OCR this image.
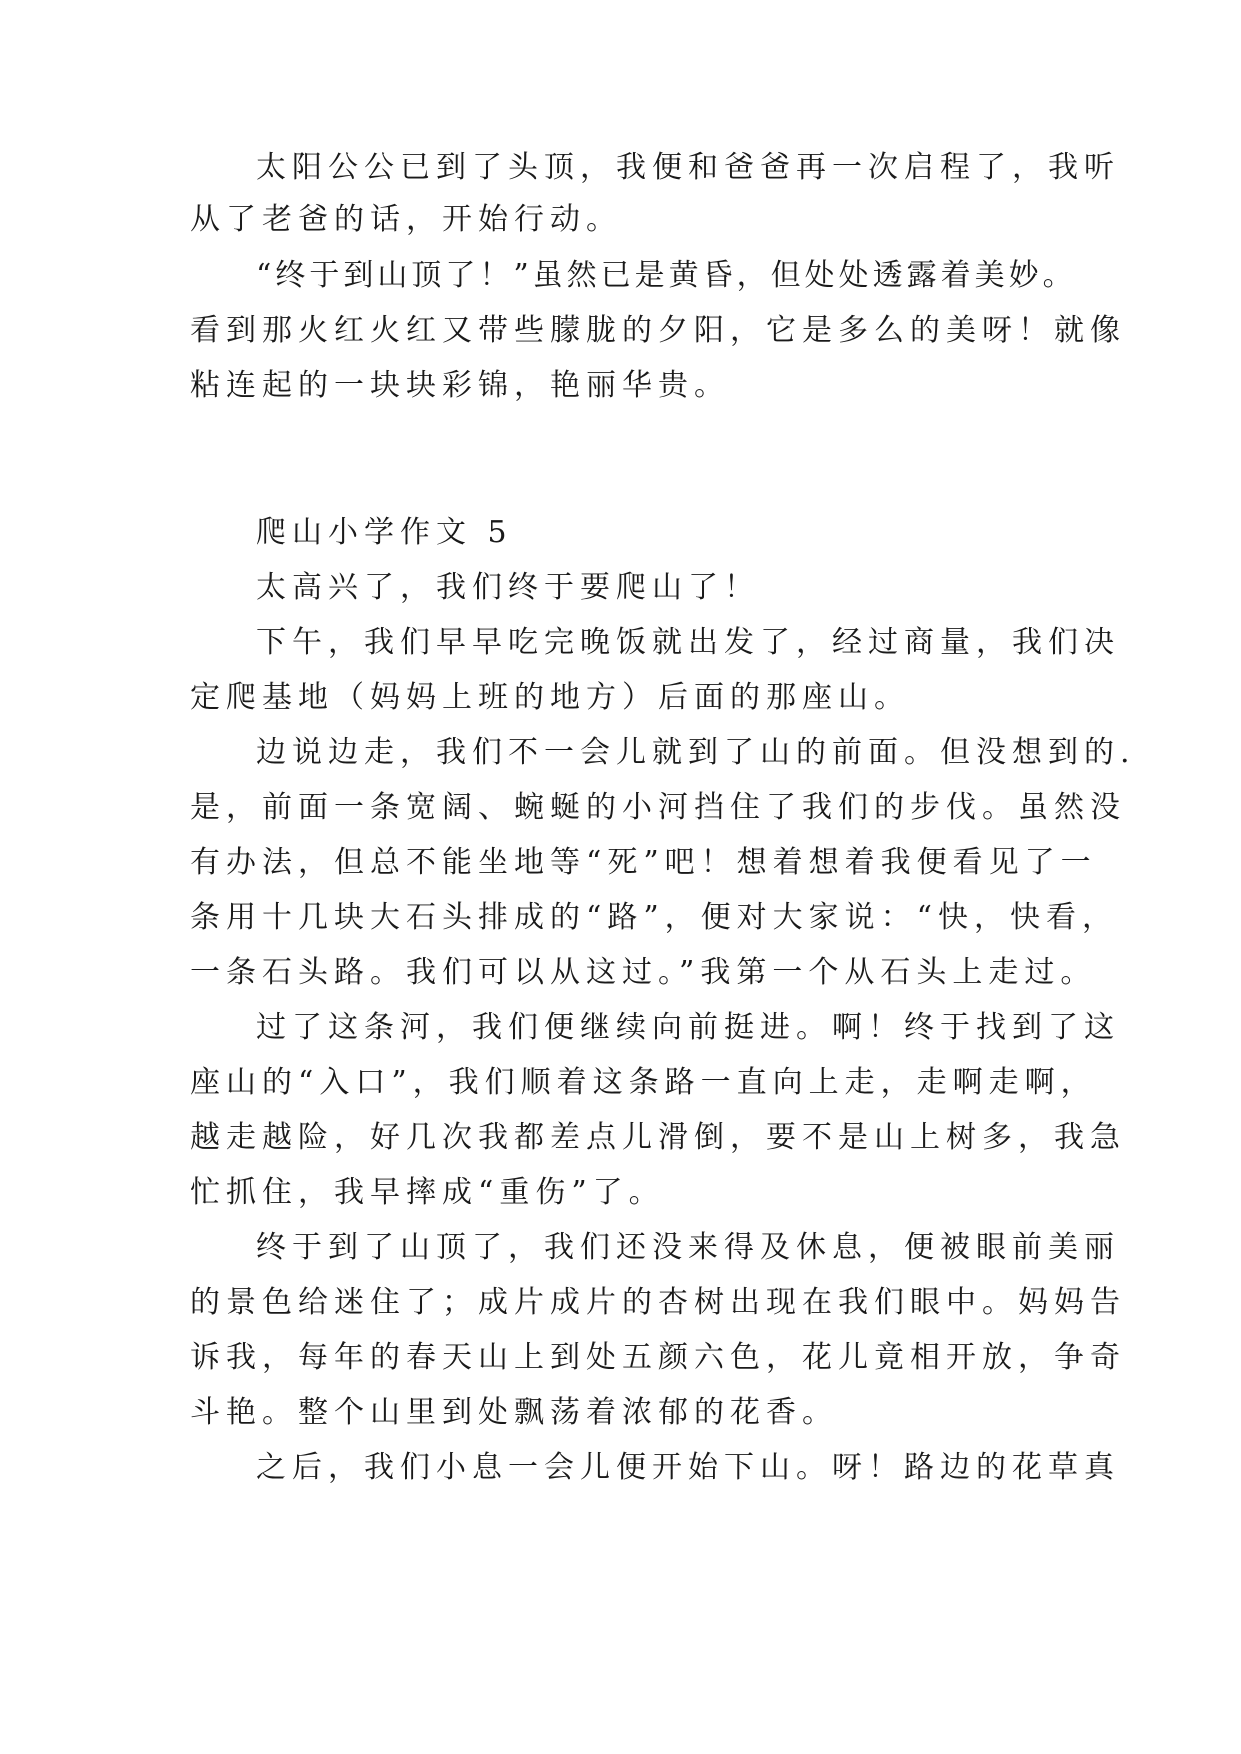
太阳公公已到了头顶，我便和爸爸再一次启程了，我听
从了老爸的话，开始行动。
“终于到山顶了！”虽然已是黄昏，但处处透露着美妙。
看到那火红火红又带些朦胧的夕阳，它是多么的美呀！就像
粘连起的一块块彩锦，艳丽华贵。
爬山小学作文 5
太高兴了，我们终于要爬山了！
下午，我们早早吃完晚饭就出发了，经过商量，我们决
定爬基地（妈妈上班的地方）后面的那座山。
边说边走，我们不一会儿就到了山的前面。但没想到的.
是，前面一条宽阔、蜿蜒的小河挡住了我们的步伐。虽然没
有办法，但总不能坐地等“死”吧！想着想着我便看见了一
条用十几块大石头排成的“路”，便对大家说：“快，快看，
一条石头路。我们可以从这过。”我第一个从石头上走过。
过了这条河，我们便继续向前挺进。啊！终于找到了这
座山的“入口”，我们顺着这条路一直向上走，走啊走啊，
越走越险，好几次我都差点儿滑倒，要不是山上树多，我急
忙抓住，我早摔成“重伤”了。
终于到了山顶了，我们还没来得及休息，便被眼前美丽
的景色给迷住了；成片成片的杏树出现在我们眼中。妈妈告
诉我，每年的春天山上到处五颜六色，花儿竟相开放，争奇
斗艳。整个山里到处飘荡着浓郁的花香。
之后，我们小息一会儿便开始下山。呀！路边的花草真
